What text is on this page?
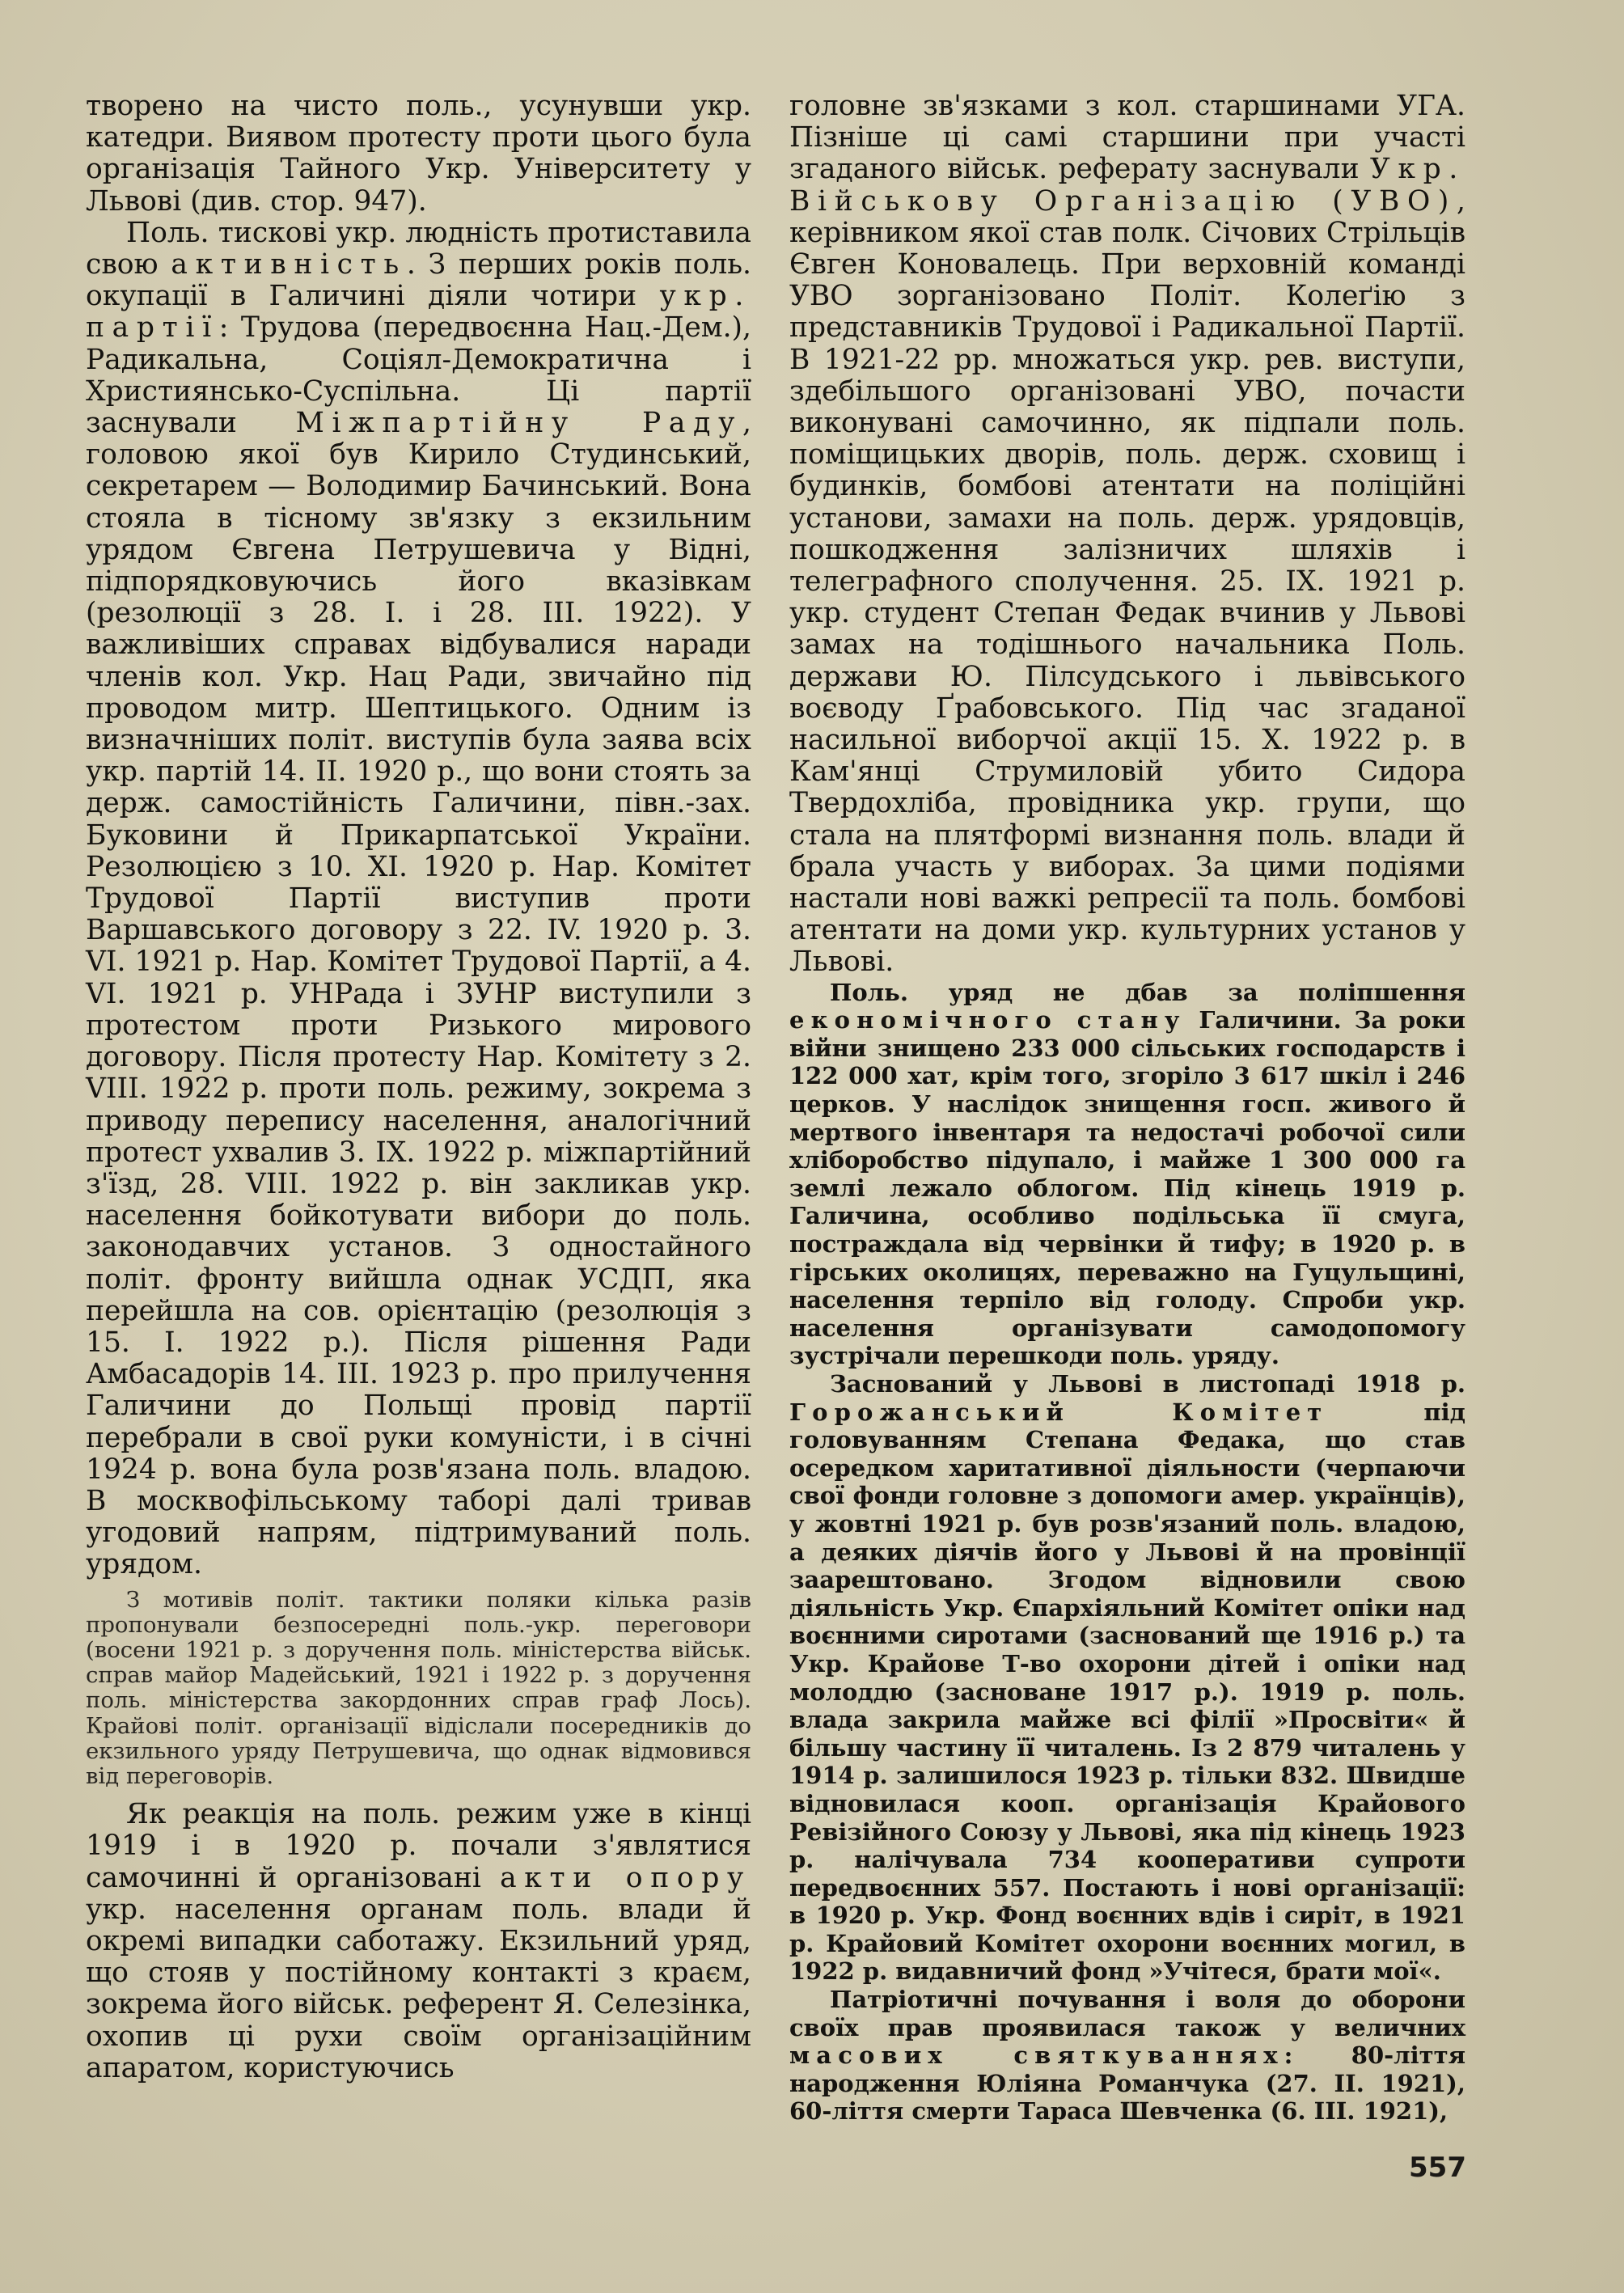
творено на чисто поль., усунувши укр. катедри. Виявом протесту проти цього була організація Тайного Укр. Університету у Львові (див. стор. 947).

Поль. тискові укр. людність протиставила свою активність. З перших років поль. окупації в Галичині діяли чотири укр. партії: Трудова (передвоєнна Нац.-Дем.), Радикальна, Соціял-Демократична і Християнсько-Суспільна. Ці партії заснували Міжпартійну Раду, головою якої був Кирило Студинський, секретарем — Володимир Бачинський. Вона стояла в тісному зв'язку з екзильним урядом Євгена Петрушевича у Відні, підпорядковуючись його вказівкам (резолюції з 28. I. і 28. III. 1922). У важливіших справах відбувалися наради членів кол. Укр. Нац Ради, звичайно під проводом митр. Шептицького. Одним із визначніших політ. виступів була заява всіх укр. партій 14. II. 1920 р., що вони стоять за держ. самостійність Галичини, півн.-зах. Буковини й Прикарпатської України. Резолюцією з 10. XI. 1920 р. Нар. Комітет Трудової Партії виступив проти Варшавського договору з 22. IV. 1920 р. 3. VI. 1921 р. Нар. Комітет Трудової Партії, а 4. VI. 1921 р. УНРада і ЗУНР виступили з протестом проти Ризького мирового договору. Після протесту Нар. Комітету з 2. VIII. 1922 р. проти поль. режиму, зокрема з приводу перепису населення, аналогічний протест ухвалив 3. IX. 1922 р. міжпартійний з'їзд, 28. VIII. 1922 р. він закликав укр. населення бойкотувати вибори до поль. законодавчих установ. З одностайного політ. фронту вийшла однак УСДП, яка перейшла на сов. орієнтацію (резолюція з 15. I. 1922 р.). Після рішення Ради Амбасадорів 14. III. 1923 р. про прилучення Галичини до Польщі провід партії перебрали в свої руки комуністи, і в січні 1924 р. вона була розв'язана поль. владою. В москвофільському таборі далі тривав угодовий напрям, підтримуваний поль. урядом.

З мотивів політ. тактики поляки кілька разів пропонували безпосередні поль.-укр. переговори (восени 1921 р. з доручення поль. міністерства військ. справ майор Мадейський, 1921 і 1922 р. з доручення поль. міністерства закордонних справ граф Лось). Крайові політ. організації відіслали посередників до екзильного уряду Петрушевича, що однак відмовився від переговорів.

Як реакція на поль. режим уже в кінці 1919 і в 1920 р. почали з'являтися самочинні й організовані акти опору укр. населення органам поль. влади й окремі випадки саботажу. Екзильний уряд, що стояв у постійному контакті з краєм, зокрема його військ. референт Я. Селезінка, охопив ці рухи своїм організаційним апаратом, користуючись

головне зв'язками з кол. старшинами УГА. Пізніше ці самі старшини при участі згаданого військ. реферату заснували Укр. Військову Організацію (УВО), керівником якої став полк. Січових Стрільців Євген Коновалець. При верховній команді УВО зорганізовано Політ. Колеґію з представників Трудової і Радикальної Партії. В 1921-22 рр. множаться укр. рев. виступи, здебільшого організовані УВО, почасти виконувані самочинно, як підпали поль. поміщицьких дворів, поль. держ. сховищ і будинків, бомбові атентати на поліційні установи, замахи на поль. держ. урядовців, пошкодження залізничих шляхів і телеграфного сполучення. 25. IX. 1921 р. укр. студент Степан Федак вчинив у Львові замах на тодішнього начальника Поль. держави Ю. Пілсудського і львівського воєводу Ґрабовського. Під час згаданої насильної виборчої акції 15. X. 1922 р. в Кам'янці Струмиловій убито Сидора Твердохліба, провідника укр. групи, що стала на плятформі визнання поль. влади й брала участь у виборах. За цими подіями настали нові важкі репресії та поль. бомбові атентати на доми укр. культурних установ у Львові.

Поль. уряд не дбав за поліпшення економічного стану Галичини. За роки війни знищено 233 000 сільських господарств і 122 000 хат, крім того, згоріло 3 617 шкіл і 246 церков. У наслідок знищення госп. живого й мертвого інвентаря та недостачі робочої сили хліборобство підупало, і майже 1 300 000 га землі лежало облогом. Під кінець 1919 р. Галичина, особливо подільська її смуга, постраждала від червінки й тифу; в 1920 р. в гірських околицях, переважно на Гуцульщині, населення терпіло від голоду. Спроби укр. населення організувати самодопомогу зустрічали перешкоди поль. уряду.

Заснований у Львові в листопаді 1918 р. Горожанський Комітет під головуванням Степана Федака, що став осередком харитативної діяльности (черпаючи свої фонди головне з допомоги амер. українців), у жовтні 1921 р. був розв'язаний поль. владою, а деяких діячів його у Львові й на провінції заарештовано. Згодом відновили свою діяльність Укр. Єпархіяльний Комітет опіки над воєнними сиротами (заснований ще 1916 р.) та Укр. Крайове Т-во охорони дітей і опіки над молоддю (засноване 1917 р.). 1919 р. поль. влада закрила майже всі філії »Просвіти« й більшу частину її читалень. Із 2 879 читалень у 1914 р. залишилося 1923 р. тільки 832. Швидше відновилася кооп. організація Крайового Ревізійного Союзу у Львові, яка під кінець 1923 р. налічувала 734 кооперативи супроти передвоєнних 557. Постають і нові організації: в 1920 р. Укр. Фонд воєнних вдів і сиріт, в 1921 р. Крайовий Комітет охорони воєнних могил, в 1922 р. видавничий фонд »Учітеся, брати мої«.

Патріотичні почування і воля до оборони своїх прав проявилася також у величних масових святкуваннях: 80-ліття народження Юліяна Романчука (27. II. 1921), 60-ліття смерти Тараса Шевченка (6. III. 1921),

557
